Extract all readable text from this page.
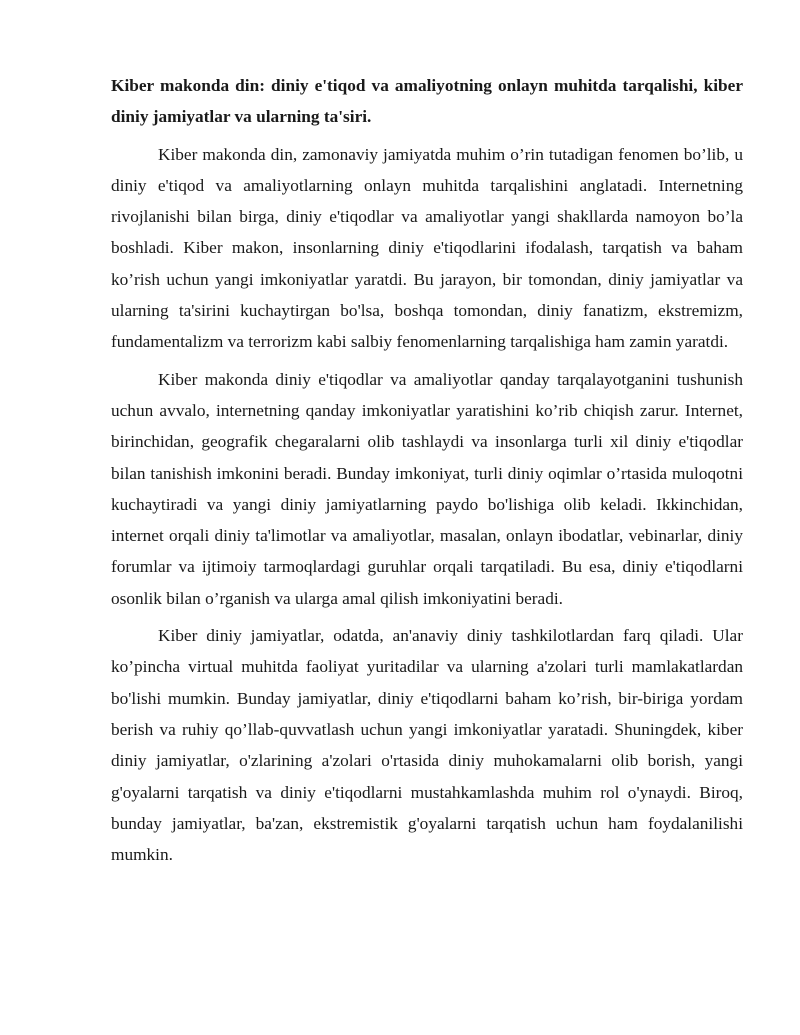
Kiber makonda din: diniy e'tiqod va amaliyotning onlayn muhitda tarqalishi, kiber diniy jamiyatlar va ularning ta'siri.

Kiber makonda din, zamonaviy jamiyatda muhim o’rin tutadigan fenomen bo’lib, u diniy e'tiqod va amaliyotlarning onlayn muhitda tarqalishini anglatadi. Internetning rivojlanishi bilan birga, diniy e'tiqodlar va amaliyotlar yangi shakllarda namoyon bo’la boshladi. Kiber makon, insonlarning diniy e'tiqodlarini ifodalash, tarqatish va baham ko’rish uchun yangi imkoniyatlar yaratdi. Bu jarayon, bir tomondan, diniy jamiyatlar va ularning ta'sirini kuchaytirgan bo'lsa, boshqa tomondan, diniy fanatizm, ekstremizm, fundamentalizm va terrorizm kabi salbiy fenomenlarning tarqalishiga ham zamin yaratdi.

Kiber makonda diniy e'tiqodlar va amaliyotlar qanday tarqalayotganini tushunish uchun avvalo, internetning qanday imkoniyatlar yaratishini ko’rib chiqish zarur. Internet, birinchidan, geografik chegaralarni olib tashlaydi va insonlarga turli xil diniy e'tiqodlar bilan tanishish imkonini beradi. Bunday imkoniyat, turli diniy oqimlar o’rtasida muloqotni kuchaytiradi va yangi diniy jamiyatlarning paydo bo'lishiga olib keladi. Ikkinchidan, internet orqali diniy ta'limotlar va amaliyotlar, masalan, onlayn ibodatlar, vebinarlar, diniy forumlar va ijtimoiy tarmoqlardagi guruhlar orqali tarqatiladi. Bu esa, diniy e'tiqodlarni osonlik bilan o’rganish va ularga amal qilish imkoniyatini beradi.

Kiber diniy jamiyatlar, odatda, an'anaviy diniy tashkilotlardan farq qiladi. Ular ko’pincha virtual muhitda faoliyat yuritadilar va ularning a'zolari turli mamlakatlardan bo'lishi mumkin. Bunday jamiyatlar, diniy e'tiqodlarni baham ko’rish, bir-biriga yordam berish va ruhiy qo’llab-quvvatlash uchun yangi imkoniyatlar yaratadi. Shuningdek, kiber diniy jamiyatlar, o'zlarining a'zolari o'rtasida diniy muhokamalarni olib borish, yangi g'oyalarni tarqatish va diniy e'tiqodlarni mustahkamlashda muhim rol o'ynaydi. Biroq, bunday jamiyatlar, ba'zan, ekstremistik g'oyalarni tarqatish uchun ham foydalanilishi mumkin.
